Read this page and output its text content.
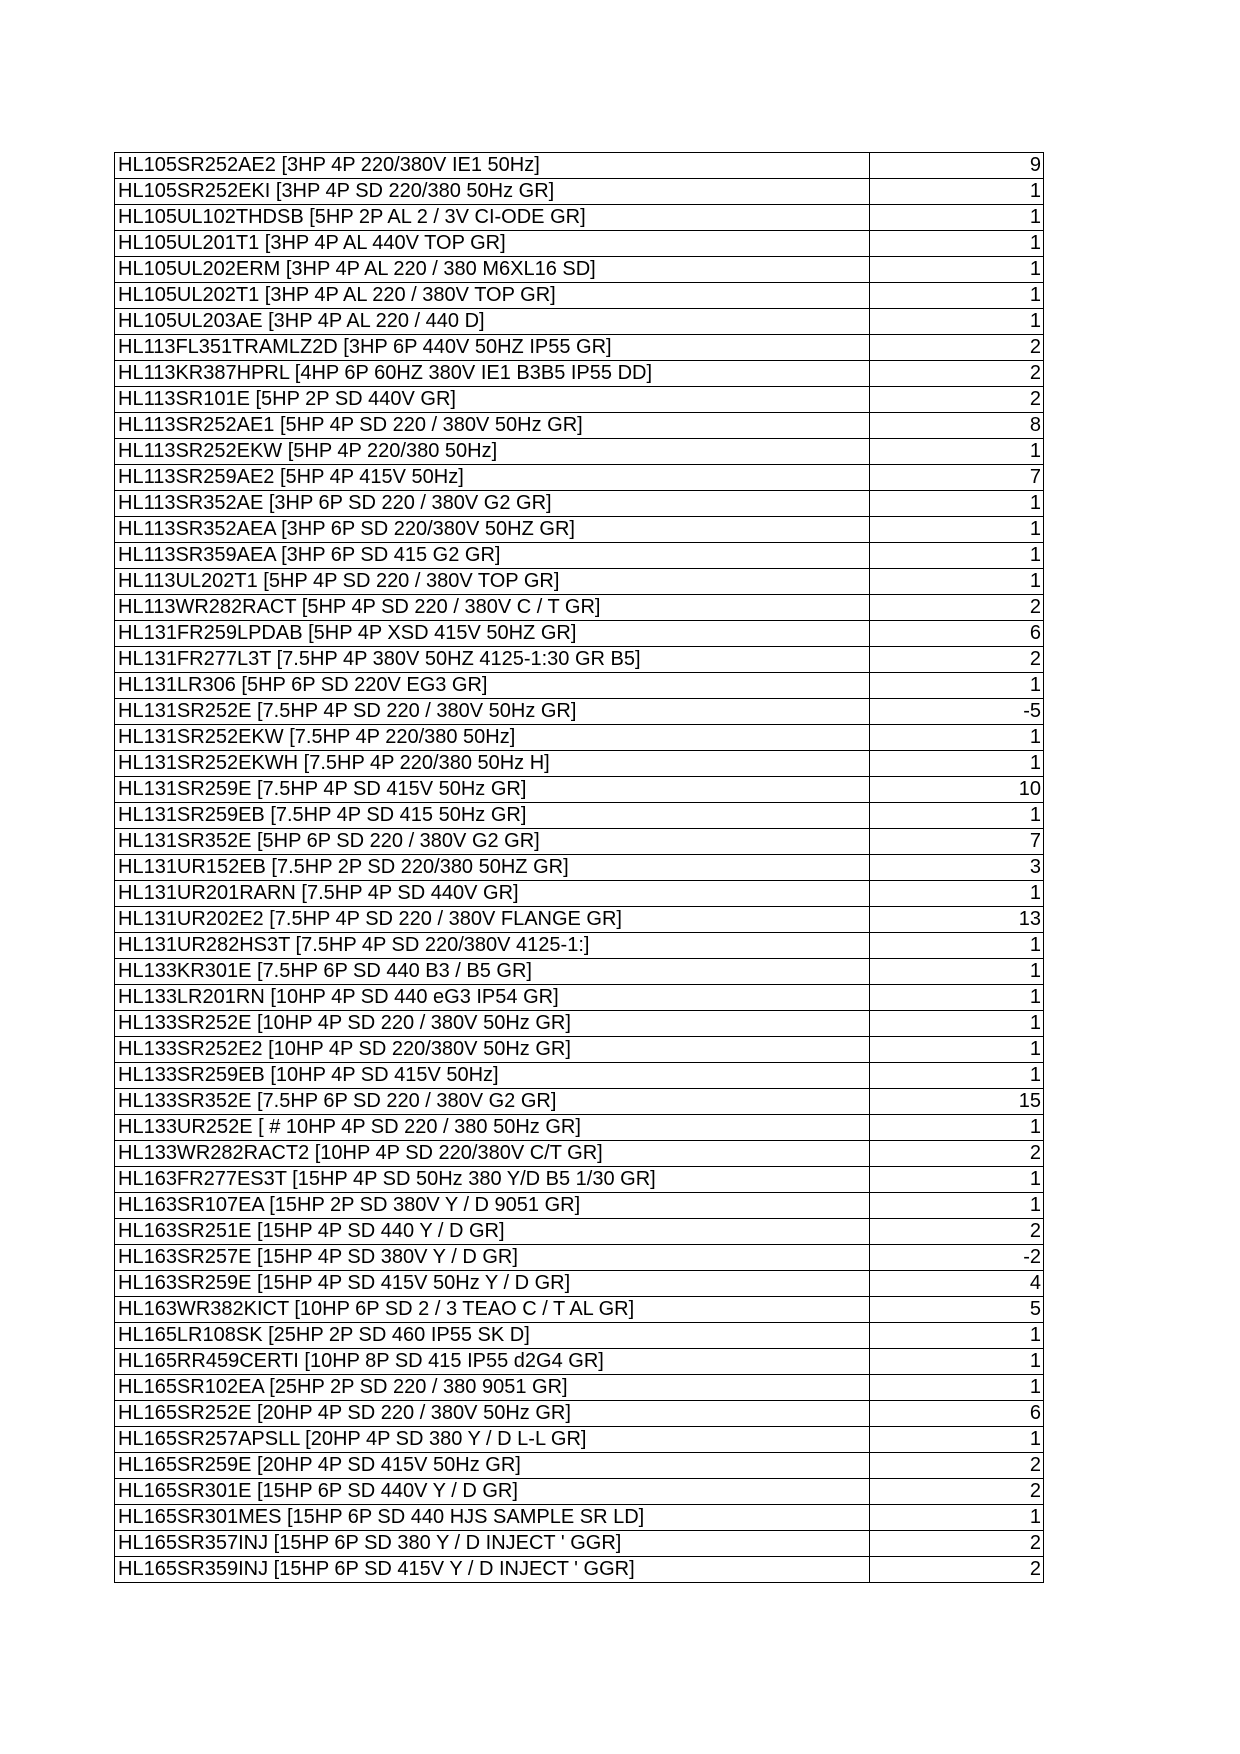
HL105SR252AE2 [3HP 4P 220/380V IE1 50Hz]	9
HL105SR252EKI [3HP 4P SD 220/380 50Hz GR]	1
HL105UL102THDSB [5HP 2P AL 2 / 3V CI-ODE GR]	1
HL105UL201T1 [3HP 4P AL 440V TOP GR]	1
HL105UL202ERM [3HP 4P AL 220 / 380 M6XL16 SD]	1
HL105UL202T1 [3HP 4P AL 220 / 380V TOP GR]	1
HL105UL203AE [3HP 4P AL 220 / 440 D]	1
HL113FL351TRAMLZ2D [3HP 6P 440V 50HZ IP55 GR]	2
HL113KR387HPRL [4HP 6P 60HZ 380V IE1 B3B5 IP55 DD]	2
HL113SR101E [5HP 2P SD 440V GR]	2
HL113SR252AE1 [5HP 4P SD 220 / 380V 50Hz GR]	8
HL113SR252EKW [5HP 4P 220/380 50Hz]	1
HL113SR259AE2 [5HP 4P 415V 50Hz]	7
HL113SR352AE [3HP 6P SD 220 / 380V G2 GR]	1
HL113SR352AEA [3HP 6P SD 220/380V 50HZ GR]	1
HL113SR359AEA [3HP 6P SD 415 G2 GR]	1
HL113UL202T1 [5HP 4P SD 220 / 380V TOP GR]	1
HL113WR282RACT [5HP 4P SD 220 / 380V C / T GR]	2
HL131FR259LPDAB [5HP 4P XSD 415V 50HZ GR]	6
HL131FR277L3T [7.5HP 4P 380V 50HZ 4125-1:30 GR B5]	2
HL131LR306 [5HP 6P SD 220V EG3 GR]	1
HL131SR252E [7.5HP 4P SD 220 / 380V 50Hz GR]	-5
HL131SR252EKW [7.5HP 4P 220/380 50Hz]	1
HL131SR252EKWH [7.5HP 4P 220/380 50Hz H]	1
HL131SR259E [7.5HP 4P SD 415V 50Hz GR]	10
HL131SR259EB [7.5HP 4P SD 415 50Hz GR]	1
HL131SR352E [5HP 6P SD 220 / 380V G2 GR]	7
HL131UR152EB [7.5HP 2P SD 220/380 50HZ GR]	3
HL131UR201RARN [7.5HP 4P SD 440V GR]	1
HL131UR202E2 [7.5HP 4P SD 220 / 380V FLANGE GR]	13
HL131UR282HS3T [7.5HP 4P SD 220/380V 4125-1:]	1
HL133KR301E [7.5HP 6P SD 440 B3 / B5 GR]	1
HL133LR201RN [10HP 4P SD 440 eG3 IP54 GR]	1
HL133SR252E [10HP 4P SD 220 / 380V 50Hz GR]	1
HL133SR252E2 [10HP 4P SD 220/380V 50Hz GR]	1
HL133SR259EB [10HP 4P SD 415V 50Hz]	1
HL133SR352E [7.5HP 6P SD 220 / 380V G2 GR]	15
HL133UR252E [ # 10HP 4P SD 220 / 380 50Hz GR]	1
HL133WR282RACT2 [10HP 4P SD 220/380V C/T GR]	2
HL163FR277ES3T [15HP 4P SD 50Hz 380 Y/D B5 1/30 GR]	1
HL163SR107EA [15HP 2P SD 380V Y / D 9051 GR]	1
HL163SR251E [15HP 4P SD 440 Y / D GR]	2
HL163SR257E [15HP 4P SD 380V Y / D GR]	-2
HL163SR259E [15HP 4P SD 415V 50Hz Y / D GR]	4
HL163WR382KICT [10HP 6P SD 2 / 3 TEAO C / T AL GR]	5
HL165LR108SK [25HP 2P SD 460 IP55 SK D]	1
HL165RR459CERTI [10HP 8P SD 415 IP55 d2G4 GR]	1
HL165SR102EA [25HP 2P SD 220 / 380 9051 GR]	1
HL165SR252E [20HP 4P SD 220 / 380V 50Hz GR]	6
HL165SR257APSLL [20HP 4P SD 380 Y / D L-L GR]	1
HL165SR259E [20HP 4P SD 415V 50Hz GR]	2
HL165SR301E [15HP 6P SD 440V Y / D GR]	2
HL165SR301MES [15HP 6P SD 440 HJS SAMPLE SR LD]	1
HL165SR357INJ [15HP 6P SD 380 Y / D INJECT ' GGR]	2
HL165SR359INJ [15HP 6P SD 415V Y / D INJECT ' GGR]	2
